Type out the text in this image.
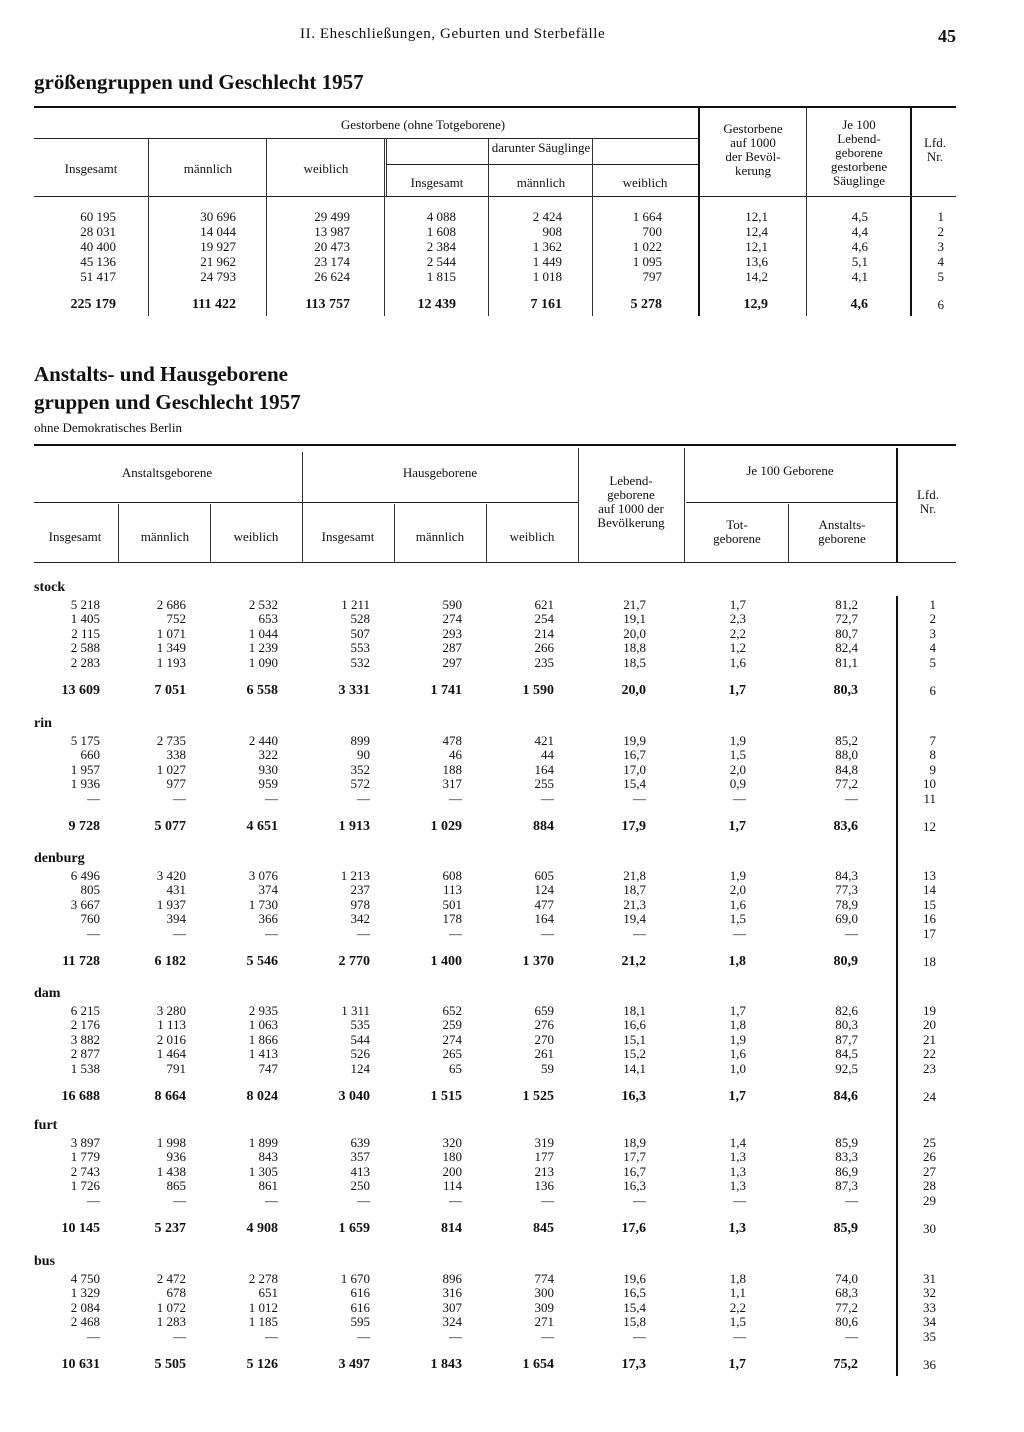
II. Eheschließungen, Geburten und Sterbefälle	45
größengruppen und Geschlecht 1957
Gestorbene (ohne Totgeborene)
Insgesamt	männlich	weiblich
darunter Säuglinge
Insgesamt	männlich	weiblich
Gestorbene
auf 1000
der Bevöl-
kerung
Je 100
Lebend-
geborene
gestorbene
Säuglinge
Lfd.
Nr.
60 195	30 696	29 499	4 088	2 424	1 664	12,1	4,5	1
28 031	14 044	13 987	1 608	908	700	12,4	4,4	2
40 400	19 927	20 473	2 384	1 362	1 022	12,1	4,6	3
45 136	21 962	23 174	2 544	1 449	1 095	13,6	5,1	4
51 417	24 793	26 624	1 815	1 018	797	14,2	4,1	5
225 179	111 422	113 757	12 439	7 161	5 278	12,9	4,6	6
Anstalts- und Hausgeborene
gruppen und Geschlecht 1957
ohne Demokratisches Berlin
Anstaltsgeborene	Hausgeborene
Insgesamt	männlich	weiblich	Insgesamt	männlich	weiblich
Lebend-
geborene
auf 1000 der
Bevölkerung
Je 100 Geborene
Tot-
geborene
Anstalts-
geborene
Lfd.
Nr.
stock
5 218	2 686	2 532	1 211	590	621	21,7	1,7	81,2	1
1 405	752	653	528	274	254	19,1	2,3	72,7	2
2 115	1 071	1 044	507	293	214	20,0	2,2	80,7	3
2 588	1 349	1 239	553	287	266	18,8	1,2	82,4	4
2 283	1 193	1 090	532	297	235	18,5	1,6	81,1	5
13 609	7 051	6 558	3 331	1 741	1 590	20,0	1,7	80,3	6
rin
5 175	2 735	2 440	899	478	421	19,9	1,9	85,2	7
660	338	322	90	46	44	16,7	1,5	88,0	8
1 957	1 027	930	352	188	164	17,0	2,0	84,8	9
1 936	977	959	572	317	255	15,4	0,9	77,2	10
—	—	—	—	—	—	—	—	—	11
9 728	5 077	4 651	1 913	1 029	884	17,9	1,7	83,6	12
denburg
6 496	3 420	3 076	1 213	608	605	21,8	1,9	84,3	13
805	431	374	237	113	124	18,7	2,0	77,3	14
3 667	1 937	1 730	978	501	477	21,3	1,6	78,9	15
760	394	366	342	178	164	19,4	1,5	69,0	16
—	—	—	—	—	—	—	—	—	17
11 728	6 182	5 546	2 770	1 400	1 370	21,2	1,8	80,9	18
dam
6 215	3 280	2 935	1 311	652	659	18,1	1,7	82,6	19
2 176	1 113	1 063	535	259	276	16,6	1,8	80,3	20
3 882	2 016	1 866	544	274	270	15,1	1,9	87,7	21
2 877	1 464	1 413	526	265	261	15,2	1,6	84,5	22
1 538	791	747	124	65	59	14,1	1,0	92,5	23
16 688	8 664	8 024	3 040	1 515	1 525	16,3	1,7	84,6	24
furt
3 897	1 998	1 899	639	320	319	18,9	1,4	85,9	25
1 779	936	843	357	180	177	17,7	1,3	83,3	26
2 743	1 438	1 305	413	200	213	16,7	1,3	86,9	27
1 726	865	861	250	114	136	16,3	1,3	87,3	28
—	—	—	—	—	—	—	—	—	29
10 145	5 237	4 908	1 659	814	845	17,6	1,3	85,9	30
bus
4 750	2 472	2 278	1 670	896	774	19,6	1,8	74,0	31
1 329	678	651	616	316	300	16,5	1,1	68,3	32
2 084	1 072	1 012	616	307	309	15,4	2,2	77,2	33
2 468	1 283	1 185	595	324	271	15,8	1,5	80,6	34
—	—	—	—	—	—	—	—	—	35
10 631	5 505	5 126	3 497	1 843	1 654	17,3	1,7	75,2	36
